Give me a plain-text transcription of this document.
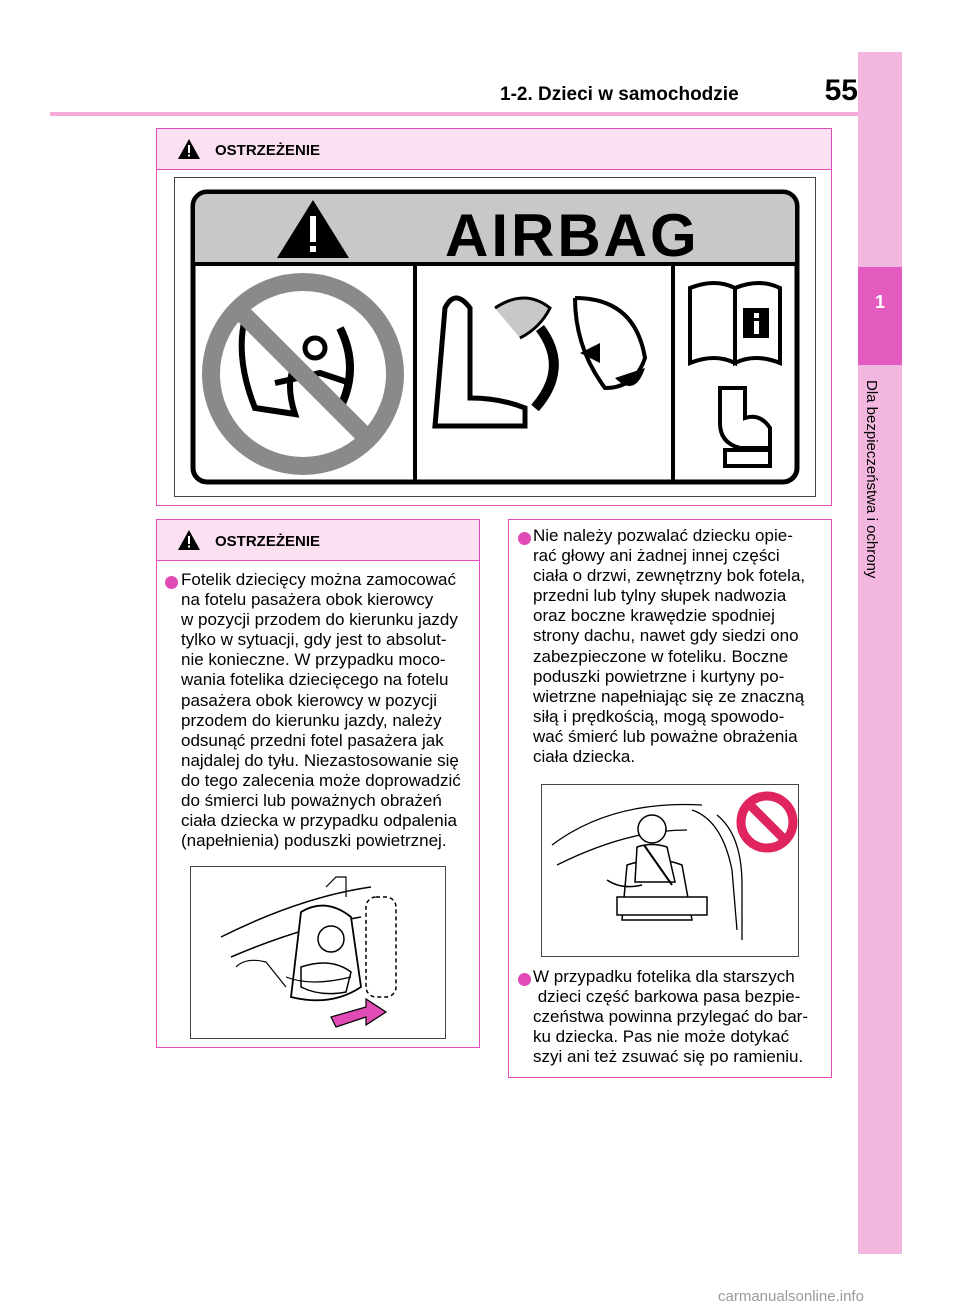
1-2. Dzieci w samochodzie	55
1
Dla bezpieczeństwa i ochrony
OSTRZEŻENIE
AIRBAG
OSTRZEŻENIE
Fotelik dziecięcy można zamocować
na fotelu pasażera obok kierowcy
w pozycji przodem do kierunku jazdy
tylko w sytuacji, gdy jest to absolut-
nie konieczne. W przypadku moco-
wania fotelika dziecięcego na fotelu
pasażera obok kierowcy w pozycji
przodem do kierunku jazdy, należy
odsunąć przedni fotel pasażera jak
najdalej do tyłu. Niezastosowanie się
do tego zalecenia może doprowadzić
do śmierci lub poważnych obrażeń
ciała dziecka w przypadku odpalenia
(napełnienia) poduszki powietrznej.
Nie należy pozwalać dziecku opie-
rać głowy ani żadnej innej części
ciała o drzwi, zewnętrzny bok fotela,
przedni lub tylny słupek nadwozia
oraz boczne krawędzie spodniej
strony dachu, nawet gdy siedzi ono
zabezpieczone w foteliku. Boczne
poduszki powietrzne i kurtyny po-
wietrzne napełniając się ze znaczną
siłą i prędkością, mogą spowodo-
wać śmierć lub poważne obrażenia
ciała dziecka.
W przypadku fotelika dla starszych
dzieci część barkowa pasa bezpie-
czeństwa powinna przylegać do bar-
ku dziecka. Pas nie może dotykać
szyi ani też zsuwać się po ramieniu.
carmanualsonline.info
